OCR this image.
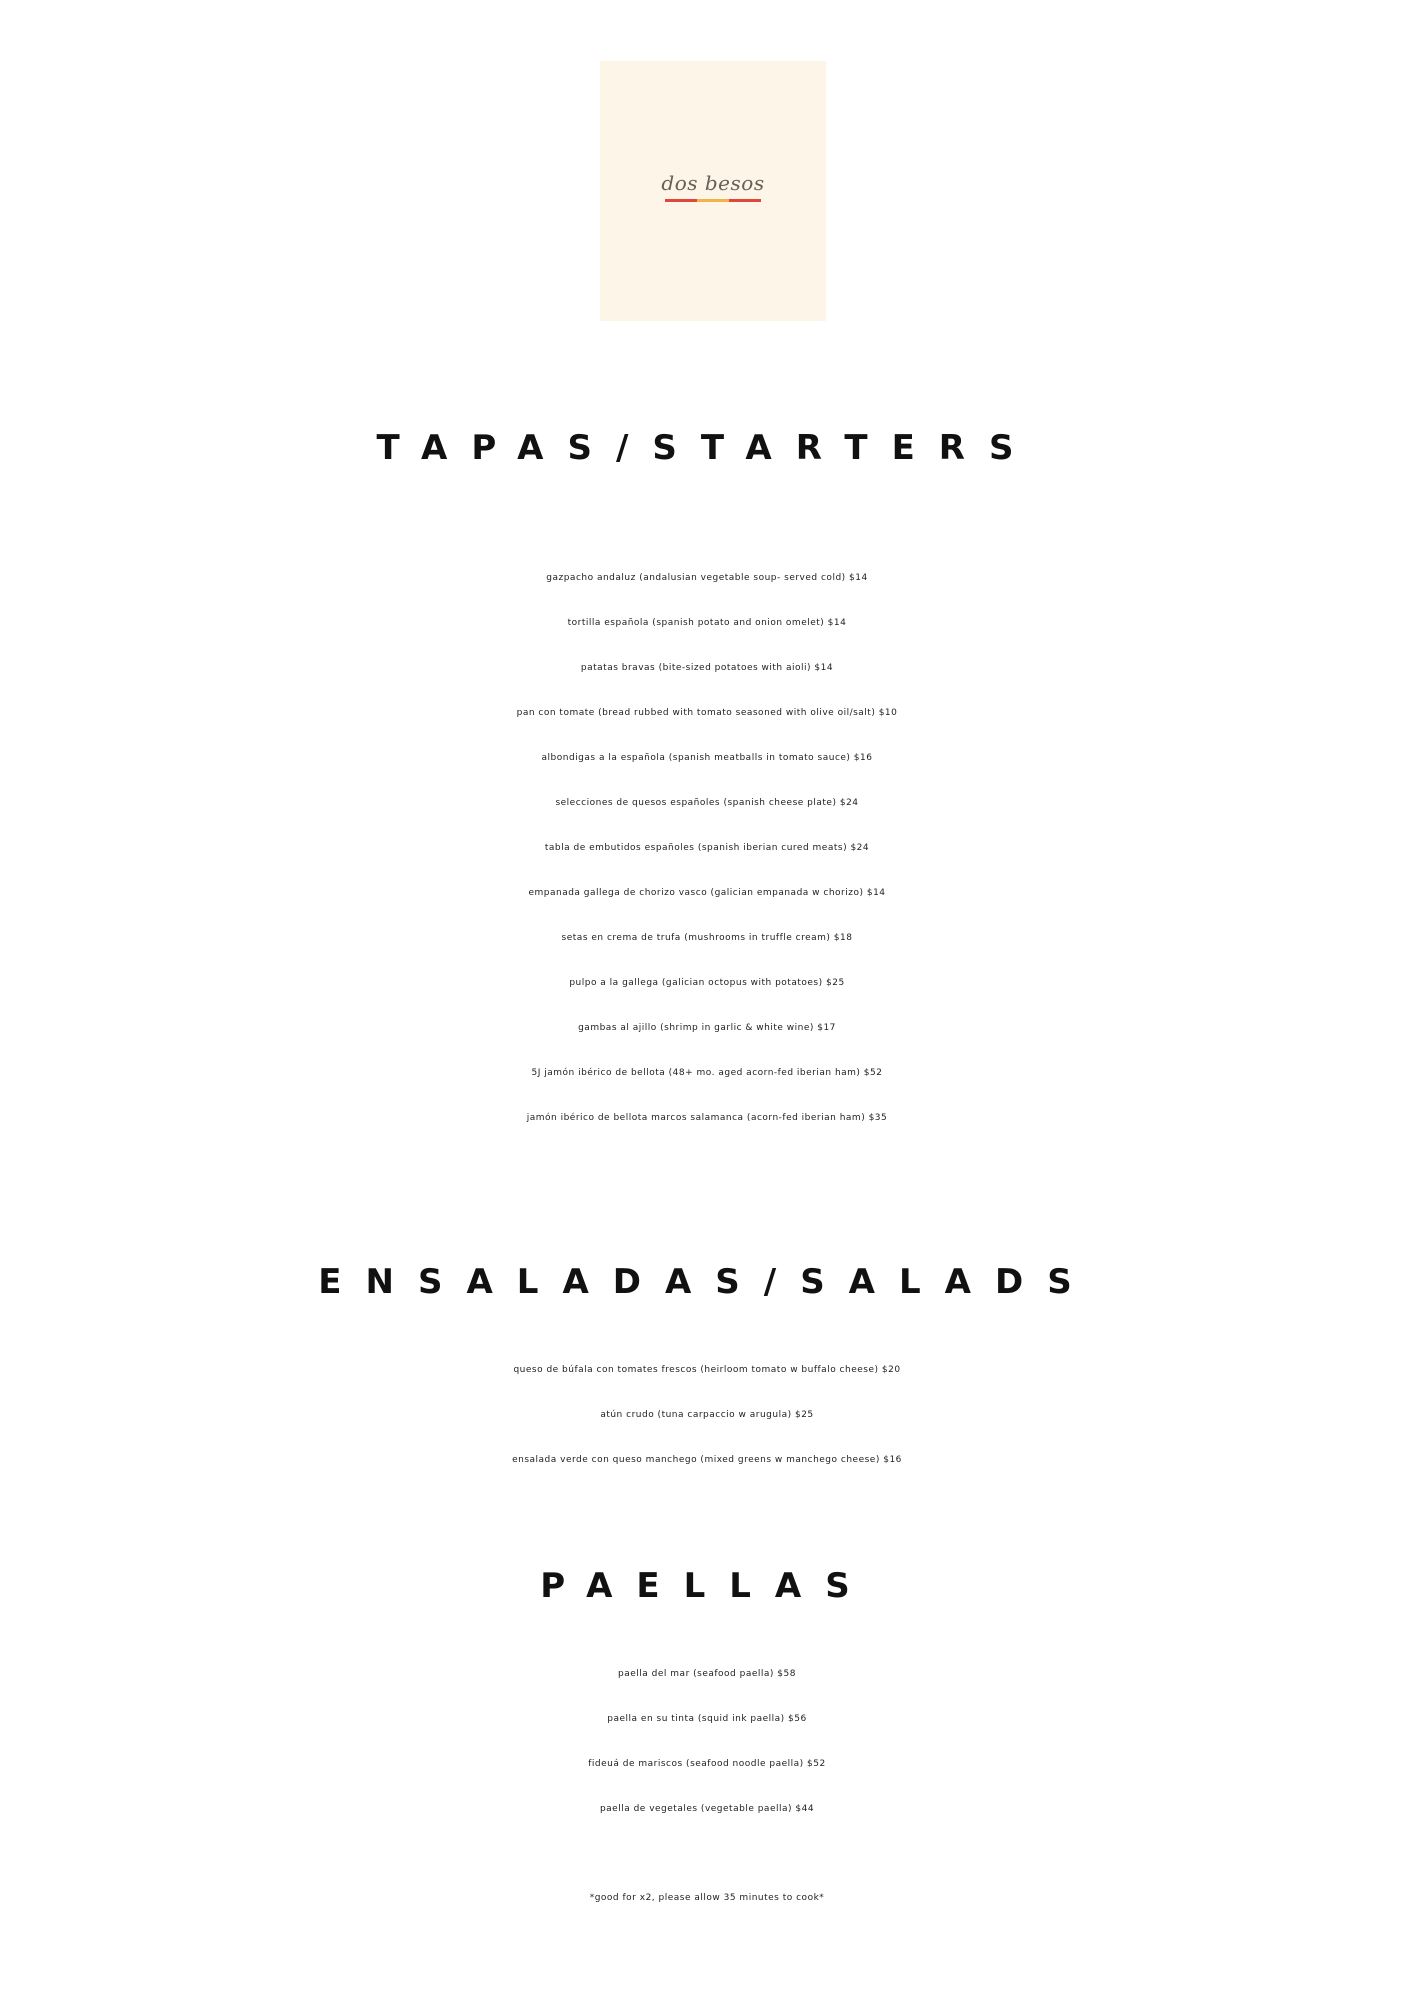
dos besos
TAPAS/STARTERS
gazpacho andaluz (andalusian vegetable soup- served cold) $14
tortilla española (spanish potato and onion omelet) $14
patatas bravas (bite-sized potatoes with aioli) $14
pan con tomate (bread rubbed with tomato seasoned with olive oil/salt) $10
albondigas a la española (spanish meatballs in tomato sauce) $16
selecciones de quesos españoles (spanish cheese plate) $24
tabla de embutidos españoles (spanish iberian cured meats) $24
empanada gallega de chorizo vasco (galician empanada w chorizo) $14
setas en crema de trufa (mushrooms in truffle cream) $18
pulpo a la gallega (galician octopus with potatoes) $25
gambas al ajillo (shrimp in garlic & white wine) $17
5J jamón ibérico de bellota (48+ mo. aged acorn-fed iberian ham) $52
jamón ibérico de bellota marcos salamanca (acorn-fed iberian ham) $35
ENSALADAS/SALADS
queso de búfala con tomates frescos (heirloom tomato w buffalo cheese) $20
atún crudo (tuna carpaccio w arugula) $25
ensalada verde con queso manchego (mixed greens w manchego cheese) $16
PAELLAS
paella del mar (seafood paella) $58
paella en su tinta (squid ink paella) $56
fideuá de mariscos (seafood noodle paella) $52
paella de vegetales (vegetable paella) $44

*good for x2, please allow 35 minutes to cook*
